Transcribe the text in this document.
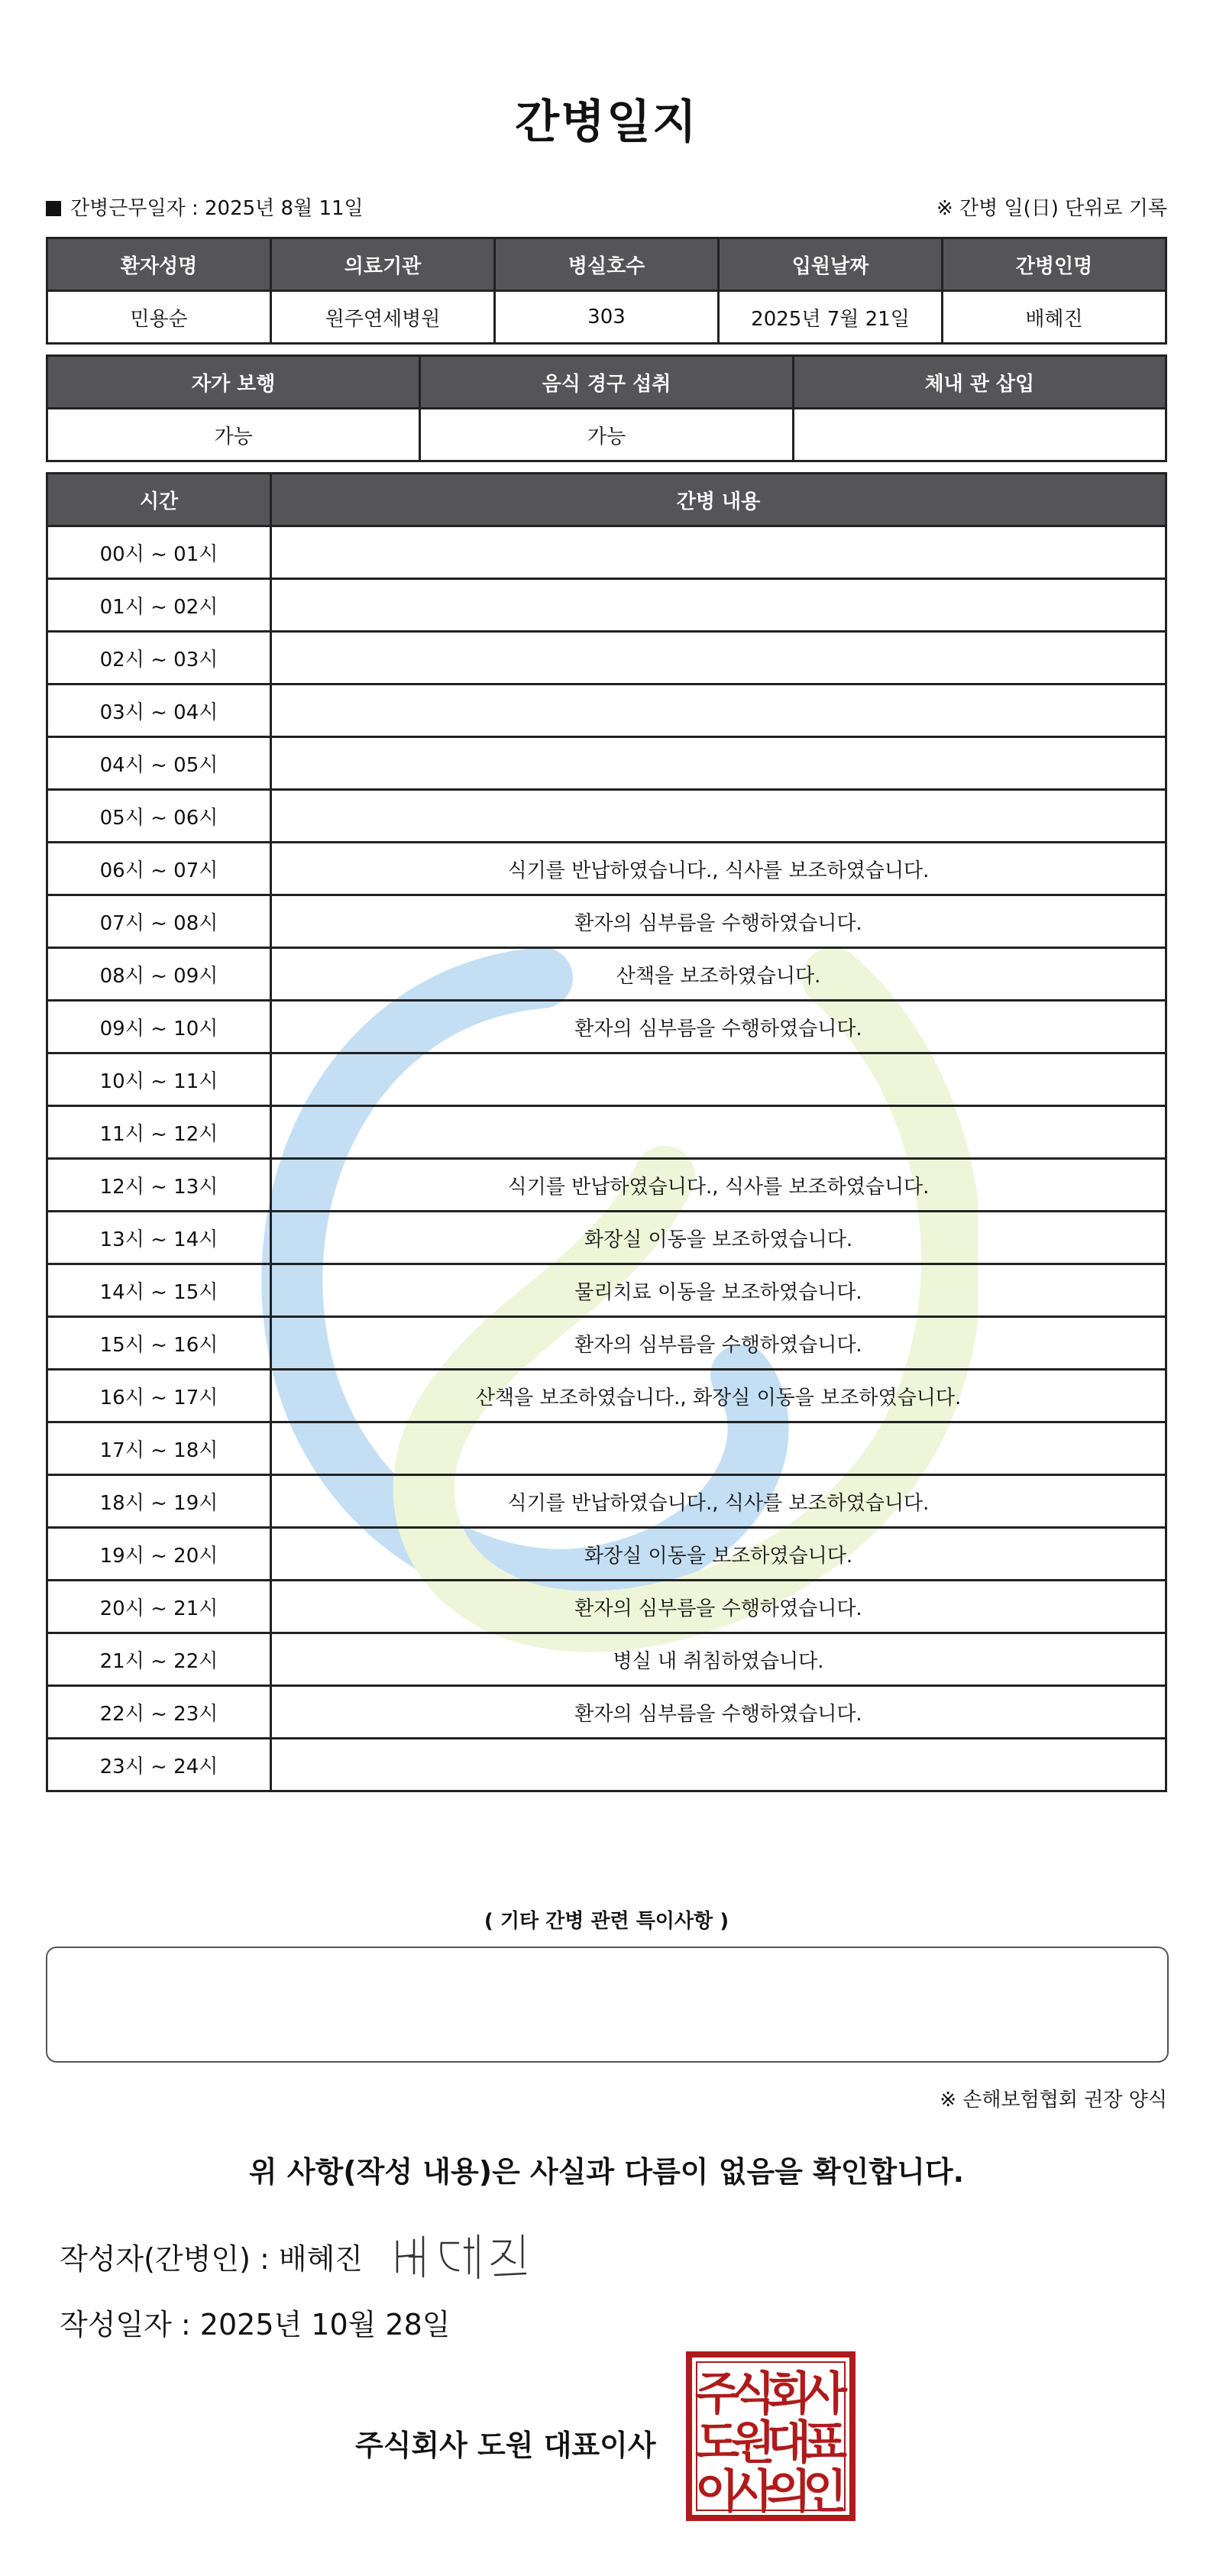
간병일지
간병근무일자 : 2025년 8월 11일	※ 간병 일(日) 단위로 기록
환자성명	의료기관	병실호수	입원날짜	간병인명
민용순	원주연세병원	303	2025년 7월 21일	배혜진
자가 보행	음식 경구 섭취	체내 관 삽입
가능	가능	
시간	간병 내용
00시 ~ 01시	
01시 ~ 02시	
02시 ~ 03시	
03시 ~ 04시	
04시 ~ 05시	
05시 ~ 06시	
06시 ~ 07시	식기를 반납하였습니다., 식사를 보조하였습니다.
07시 ~ 08시	환자의 심부름을 수행하였습니다.
08시 ~ 09시	산책을 보조하였습니다.
09시 ~ 10시	환자의 심부름을 수행하였습니다.
10시 ~ 11시	
11시 ~ 12시	
12시 ~ 13시	식기를 반납하였습니다., 식사를 보조하였습니다.
13시 ~ 14시	화장실 이동을 보조하였습니다.
14시 ~ 15시	물리치료 이동을 보조하였습니다.
15시 ~ 16시	환자의 심부름을 수행하였습니다.
16시 ~ 17시	산책을 보조하였습니다., 화장실 이동을 보조하였습니다.
17시 ~ 18시	
18시 ~ 19시	식기를 반납하였습니다., 식사를 보조하였습니다.
19시 ~ 20시	화장실 이동을 보조하였습니다.
20시 ~ 21시	환자의 심부름을 수행하였습니다.
21시 ~ 22시	병실 내 취침하였습니다.
22시 ~ 23시	환자의 심부름을 수행하였습니다.
23시 ~ 24시	
( 기타 간병 관련 특이사항 )
※ 손해보험협회 권장 양식
위 사항(작성 내용)은 사실과 다름이 없음을 확인합니다.
작성자(간병인) : 배혜진
작성일자 : 2025년 10월 28일
주식회사 도원 대표이사
주
식
회
사
도
원
대
표
이
사
의
인
